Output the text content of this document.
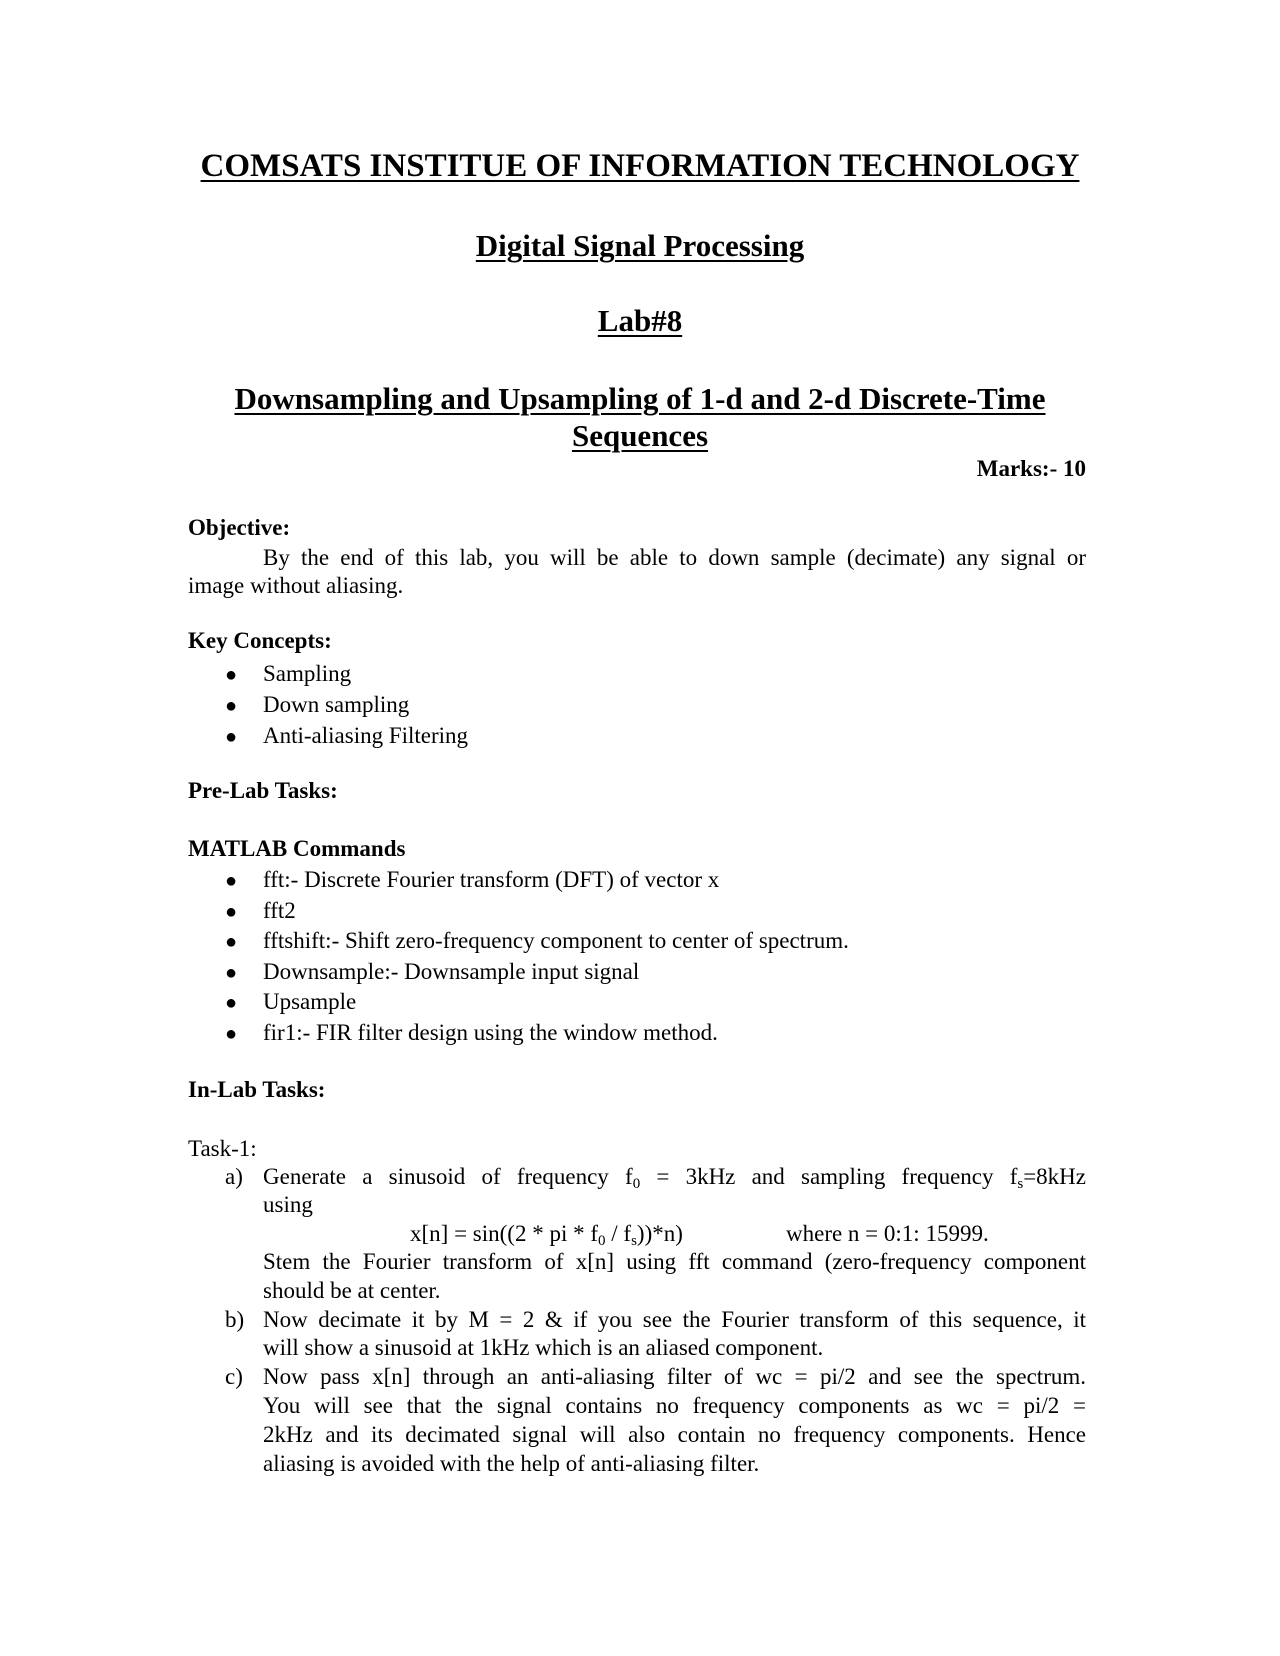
COMSATS INSTITUE OF INFORMATION TECHNOLOGY
Digital Signal Processing
Lab#8
Downsampling and Upsampling of 1-d and 2-d Discrete-Time
Sequences
Marks:- 10
Objective:
By the end of this lab, you will be able to down sample (decimate) any signal or
image without aliasing.
Key Concepts:
● Sampling
● Down sampling
● Anti-aliasing Filtering
Pre-Lab Tasks:
MATLAB Commands
● fft:- Discrete Fourier transform (DFT) of vector x
● fft2
● fftshift:- Shift zero-frequency component to center of spectrum.
● Downsample:- Downsample input signal
● Upsample
● fir1:- FIR filter design using the window method.
In-Lab Tasks:
Task-1:
a) Generate a sinusoid of frequency $f_0 = 3kHz$ and sampling frequency $f_s=8kHz$
using
x[n] = sin((2 * pi * $f_0 / f_s))*n$)	where n = 0:1: 15999.
Stem the Fourier transform of x[n] using fft command (zero-frequency component
should be at center.
b) Now decimate it by M = 2 & if you see the Fourier transform of this sequence, it
will show a sinusoid at 1kHz which is an aliased component.
c) Now pass x[n] through an anti-aliasing filter of wc = pi/2 and see the spectrum.
You will see that the signal contains no frequency components as wc = pi/2 =
2kHz and its decimated signal will also contain no frequency components. Hence
aliasing is avoided with the help of anti-aliasing filter.
